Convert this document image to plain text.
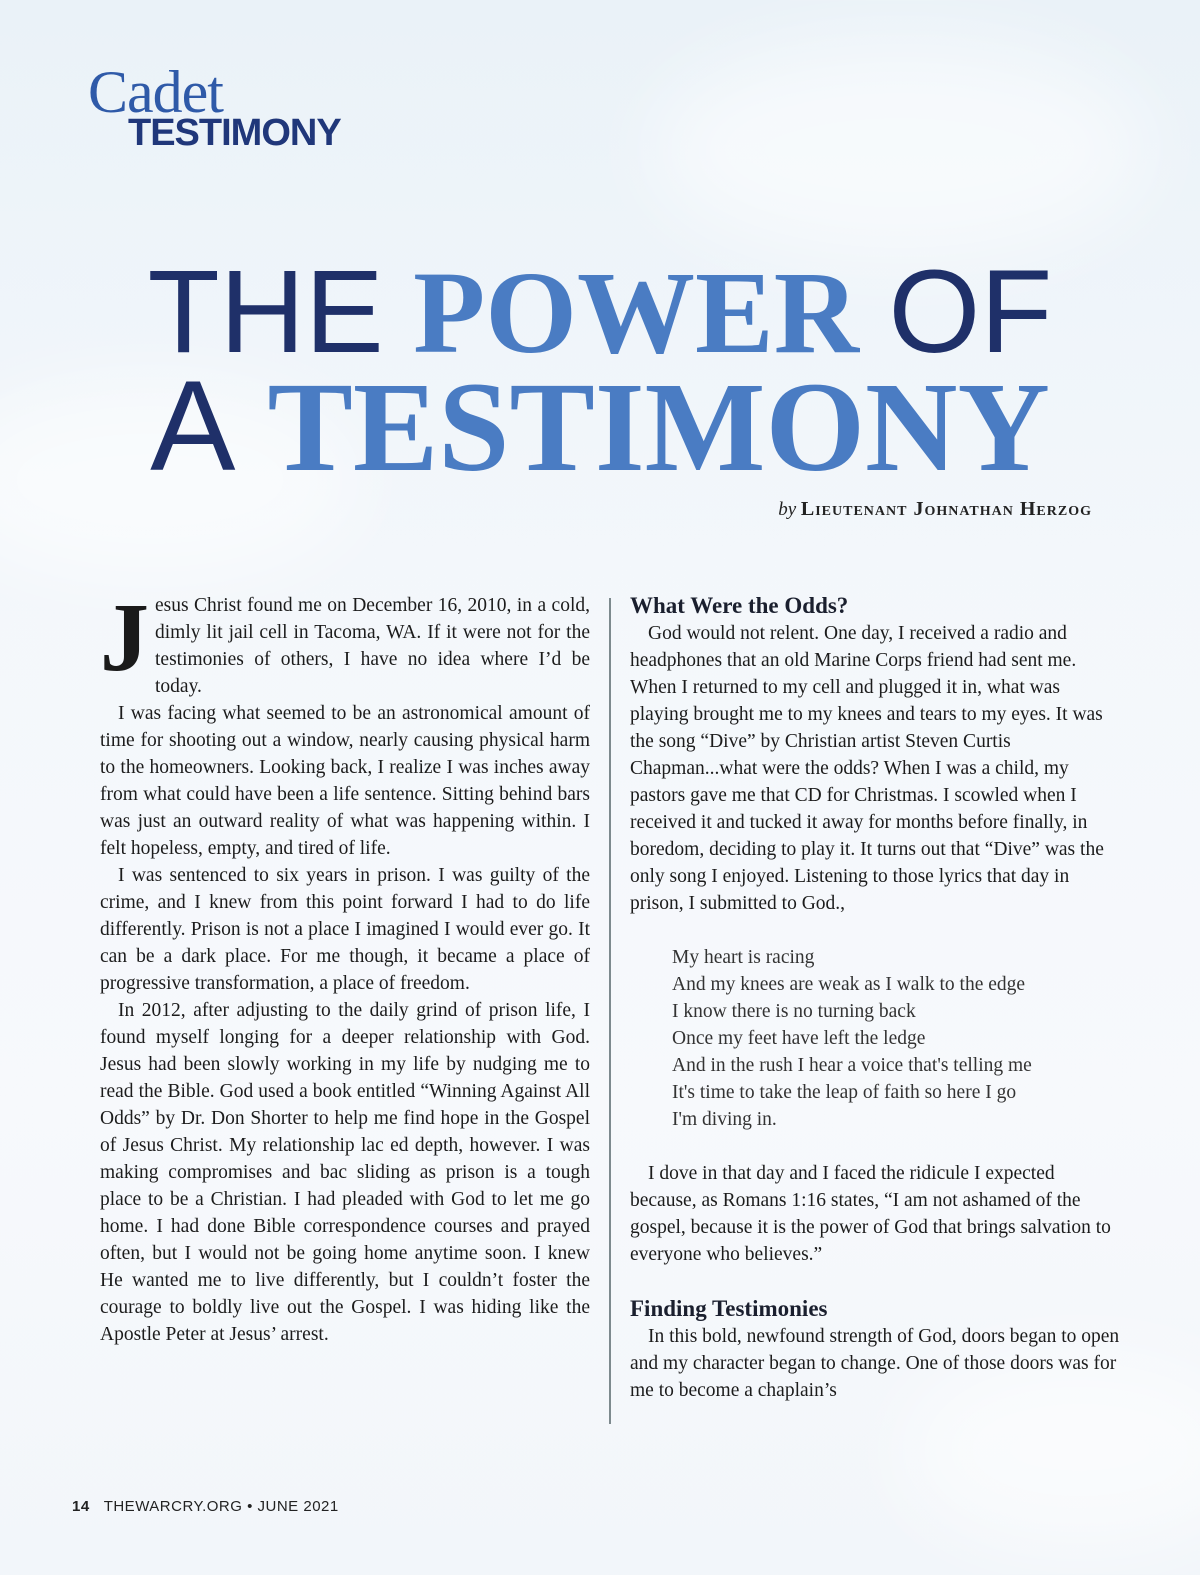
Cadet
TESTIMONY
THE POWER OF
A TESTIMONY
by Lieutenant Johnathan Herzog

Jesus Christ found me on December 16, 2010, in a cold, dimly lit jail cell in Tacoma, WA. If it were not for the testimonies of others, I have no idea where I’d be today.

I was facing what seemed to be an astronomical amount of time for shooting out a window, nearly causing physical harm to the homeowners. Looking back, I realize I was inches away from what could have been a life sentence. Sitting behind bars was just an outward reality of what was happening within. I felt hopeless, empty, and tired of life.

I was sentenced to six years in prison. I was guilty of the crime, and I knew from this point forward I had to do life differently. Prison is not a place I imagined I would ever go. It can be a dark place. For me though, it became a place of progressive transformation, a place of freedom.

In 2012, after adjusting to the daily grind of prison life, I found myself longing for a deeper relationship with God. Jesus had been slowly working in my life by nudging me to read the Bible. God used a book entitled “Winning Against All Odds” by Dr. Don Shorter to help me find hope in the Gospel of Jesus Christ. My relationship lac ed depth, however. I was making compromises and bac sliding as prison is a tough place to be a Christian. I had pleaded with God to let me go home. I had done Bible correspondence courses and prayed often, but I would not be going home anytime soon. I knew He wanted me to live differently, but I couldn’t foster the courage to boldly live out the Gospel. I was hiding like the Apostle Peter at Jesus’ arrest.

What Were the Odds?

God would not relent. One day, I received a radio and headphones that an old Marine Corps friend had sent me. When I returned to my cell and plugged it in, what was playing brought me to my knees and tears to my eyes. It was the song “Dive” by Christian artist Steven Curtis Chapman...what were the odds? When I was a child, my pastors gave me that CD for Christmas. I scowled when I received it and tucked it away for months before finally, in boredom, deciding to play it. It turns out that “Dive” was the only song I enjoyed. Listening to those lyrics that day in prison, I submitted to God.,

My heart is racing
And my knees are weak as I walk to the edge
I know there is no turning back
Once my feet have left the ledge
And in the rush I hear a voice that's telling me
It's time to take the leap of faith so here I go
I'm diving in.

I dove in that day and I faced the ridicule I expected because, as Romans 1:16 states, “I am not ashamed of the gospel, because it is the power of God that brings salvation to everyone who believes.”

Finding Testimonies

In this bold, newfound strength of God, doors began to open and my character began to change. One of those doors was for me to become a chaplain’s

14 THEWARCRY.ORG • JUNE 2021
